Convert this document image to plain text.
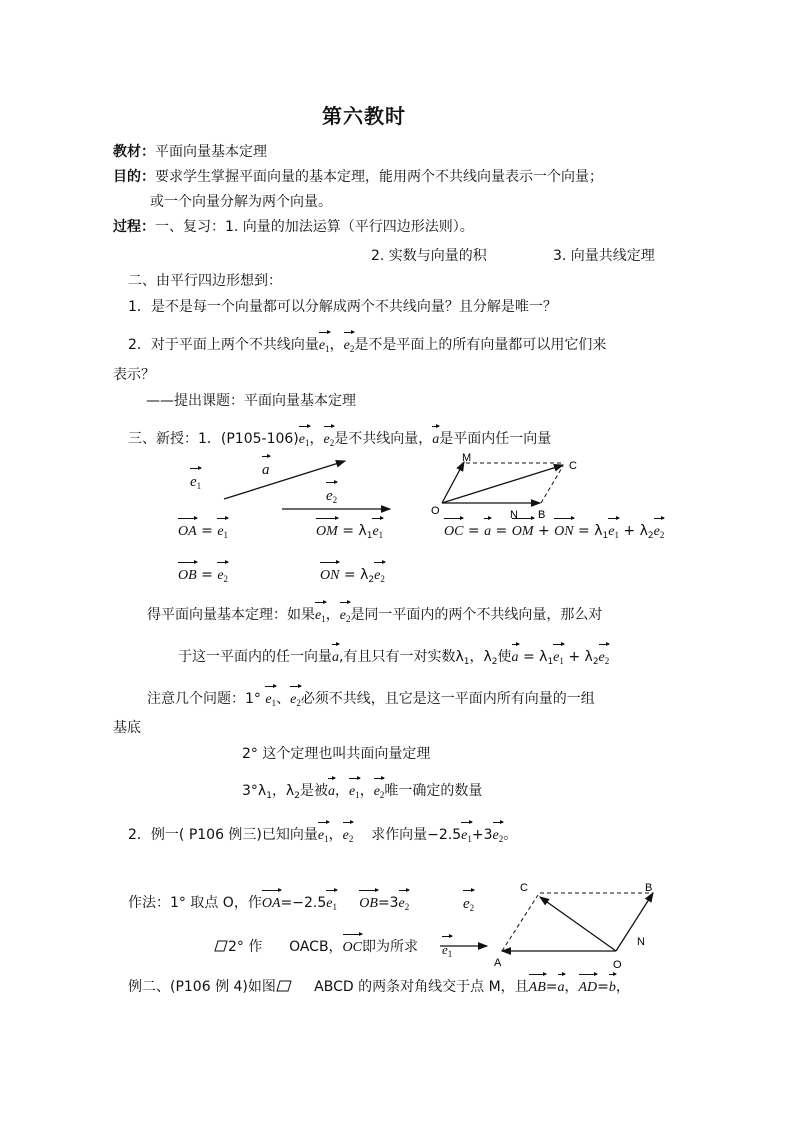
第六教时
教材：平面向量基本定理
目的：要求学生掌握平面向量的基本定理，能用两个不共线向量表示一个向量；
或一个向量分解为两个向量。
过程：一、复习：1. 向量的加法运算（平行四边形法则）。
2. 实数与向量的积	3. 向量共线定理
二、由平行四边形想到：
1．是不是每一个向量都可以分解成两个不共线向量？且分解是唯一？
2．对于平面上两个不共线向量
$e_1$，
$e_2$是不是平面上的所有向量都可以用它们来
表示？
——提出课题：平面向量基本定理
三、新授：1．(P105-106)
$e_1$，
$e_2$是不共线向量，
a是平面内任一向量
M
C
O	N B
C	B
N
A	O
$e_1$
a
$e_2$
OA =
$e_1$
OB =
$e_2$
OM = $\lambda_1$
$e_1$
ON = $\lambda_2$
$e_2$
OC =
a =
OM +
ON = $\lambda_1$
$e_1 + \lambda_2$
$e_2$
得平面向量基本定理：如果
$e_1$，
$e_2$是同一平面内的两个不共线向量，那么对
于这一平面内的任一向量
a,有且只有一对实数$\lambda_1$，$\lambda_2$使
$a = \lambda_1$
$e_1 + \lambda_2$
$e_2$
注意几个问题：1° $e_1$、
$e_2$必须不共线，且它是这一平面内所有向量的一组
基底
2° 这个定理也叫共面向量定理
$3^\circ\lambda_1$，$\lambda_2$是被
a，
$e_1$，
$e_2$唯一确定的数量
2．例一( P106 例三)已知向量
$e_1$，
$e_2$ 求作向量−2.5
$e_1+3$
$e_2$。
作法：1° 取点 O，作
OA=−2.5
$e_1$ OB=3
$e_2$	$e_2$
2° 作 OACB，
OC即为所求 $e_1$
例二、(P106 例 4)如图	ABCD 的两条对角线交于点 M，且
AB=
a，
AD=
b，
